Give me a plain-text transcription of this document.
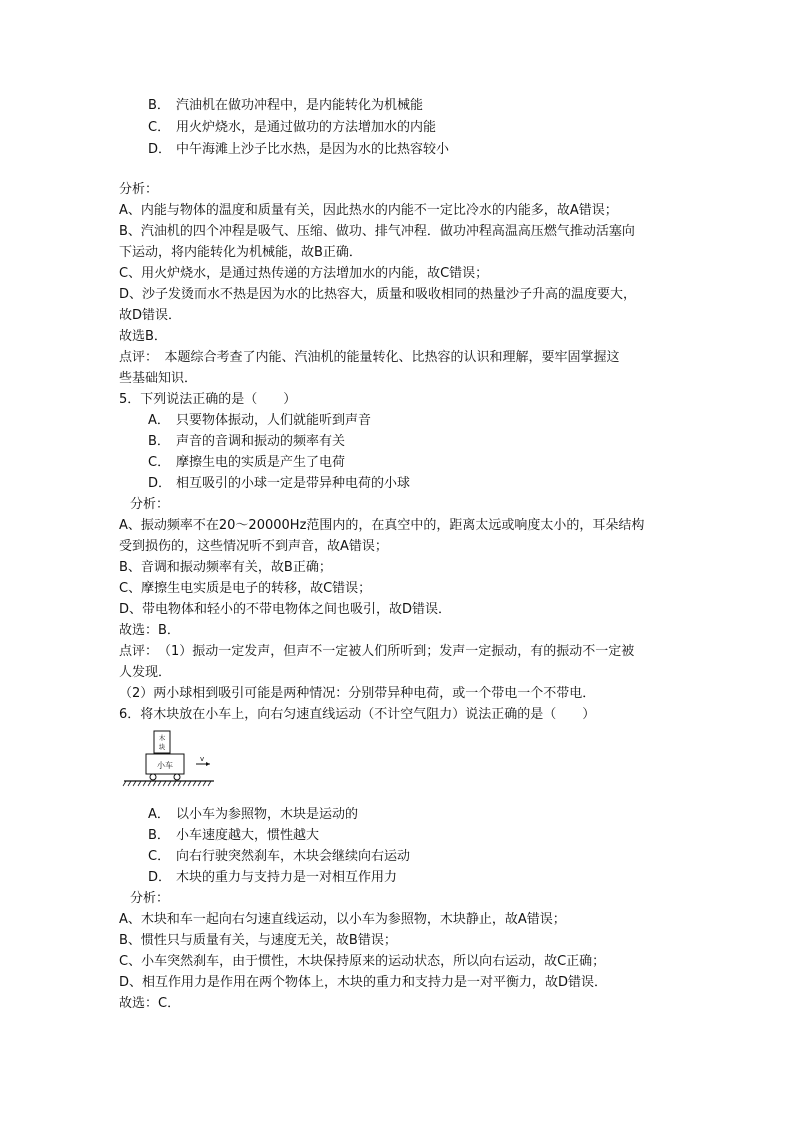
B． 汽油机在做功冲程中，是内能转化为机械能
C． 用火炉烧水，是通过做功的方法增加水的内能
D． 中午海滩上沙子比水热，是因为水的比热容较小
分析：
A、内能与物体的温度和质量有关，因此热水的内能不一定比冷水的内能多，故A错误；
B、汽油机的四个冲程是吸气、压缩、做功、排气冲程．做功冲程高温高压燃气推动活塞向
下运动，将内能转化为机械能，故B正确．
C、用火炉烧水，是通过热传递的方法增加水的内能，故C错误；
D、沙子发烫而水不热是因为水的比热容大，质量和吸收相同的热量沙子升高的温度要大，
故D错误．
故选B．
点评：　本题综合考查了内能、汽油机的能量转化、比热容的认识和理解，要牢固掌握这
些基础知识．
5．下列说法正确的是（　　）
A． 只要物体振动，人们就能听到声音
B． 声音的音调和振动的频率有关
C． 摩擦生电的实质是产生了电荷
D． 相互吸引的小球一定是带异种电荷的小球
分析：
A、振动频率不在20～20000Hz范围内的，在真空中的，距离太远或响度太小的，耳朵结构
受到损伤的，这些情况听不到声音，故A错误；
B、音调和振动频率有关，故B正确；
C、摩擦生电实质是电子的转移，故C错误；
D、带电物体和轻小的不带电物体之间也吸引，故D错误．
故选：B．
点评：　（1）振动一定发声，但声不一定被人们所听到；发声一定振动，有的振动不一定被
人发现．
（2）两小球相到吸引可能是两种情况：分别带异种电荷，或一个带电一个不带电．
6．将木块放在小车上，向右匀速直线运动（不计空气阻力）说法正确的是（　　）
木
块
小车
v
A． 以小车为参照物，木块是运动的
B． 小车速度越大，惯性越大
C． 向右行驶突然刹车，木块会继续向右运动
D． 木块的重力与支持力是一对相互作用力
分析：
A、木块和车一起向右匀速直线运动，以小车为参照物，木块静止，故A错误；
B、惯性只与质量有关，与速度无关，故B错误；
C、小车突然刹车，由于惯性，木块保持原来的运动状态，所以向右运动，故C正确；
D、相互作用力是作用在两个物体上，木块的重力和支持力是一对平衡力，故D错误．
故选：C．
